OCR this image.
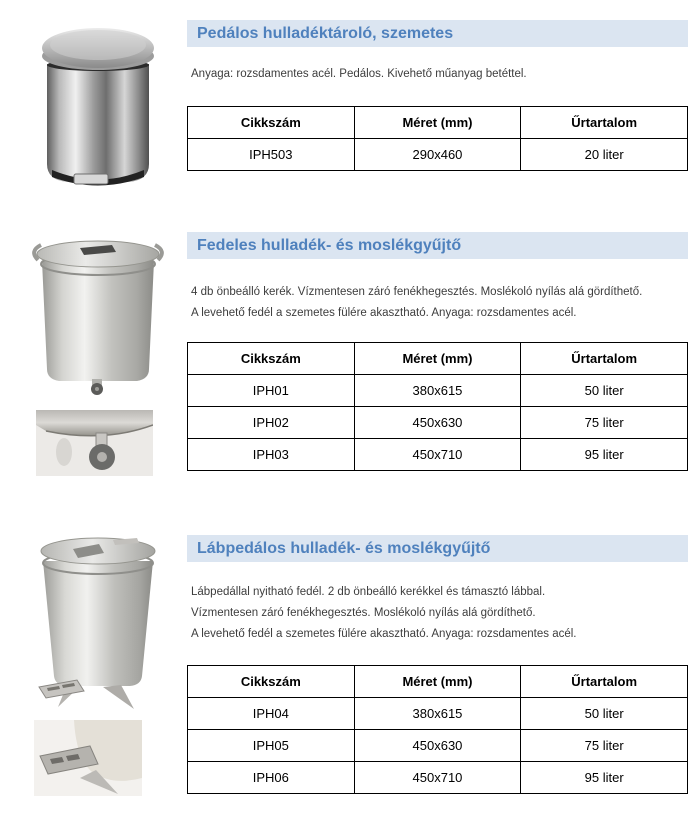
Pedálos hulladéktároló, szemetes

Anyaga: rozsdamentes acél. Pedálos. Kivehető műanyag betéttel.

Cikkszám	Méret (mm)	Űrtartalom
IPH503	290x460	20 liter
Fedeles hulladék- és moslékgyűjtő

4 db önbeálló kerék. Vízmentesen záró fenékhegesztés. Moslékoló nyílás alá gördíthető.

A levehető fedél a szemetes fülére akasztható. Anyaga: rozsdamentes acél.

Cikkszám	Méret (mm)	Űrtartalom
IPH01	380x615	50 liter
IPH02	450x630	75 liter
IPH03	450x710	95 liter
Lábpedálos hulladék- és moslékgyűjtő

Lábpedállal nyitható fedél. 2 db önbeálló kerékkel és támasztó lábbal.

Vízmentesen záró fenékhegesztés. Moslékoló nyílás alá gördíthető.

A levehető fedél a szemetes fülére akasztható. Anyaga: rozsdamentes acél.

Cikkszám	Méret (mm)	Űrtartalom
IPH04	380x615	50 liter
IPH05	450x630	75 liter
IPH06	450x710	95 liter
